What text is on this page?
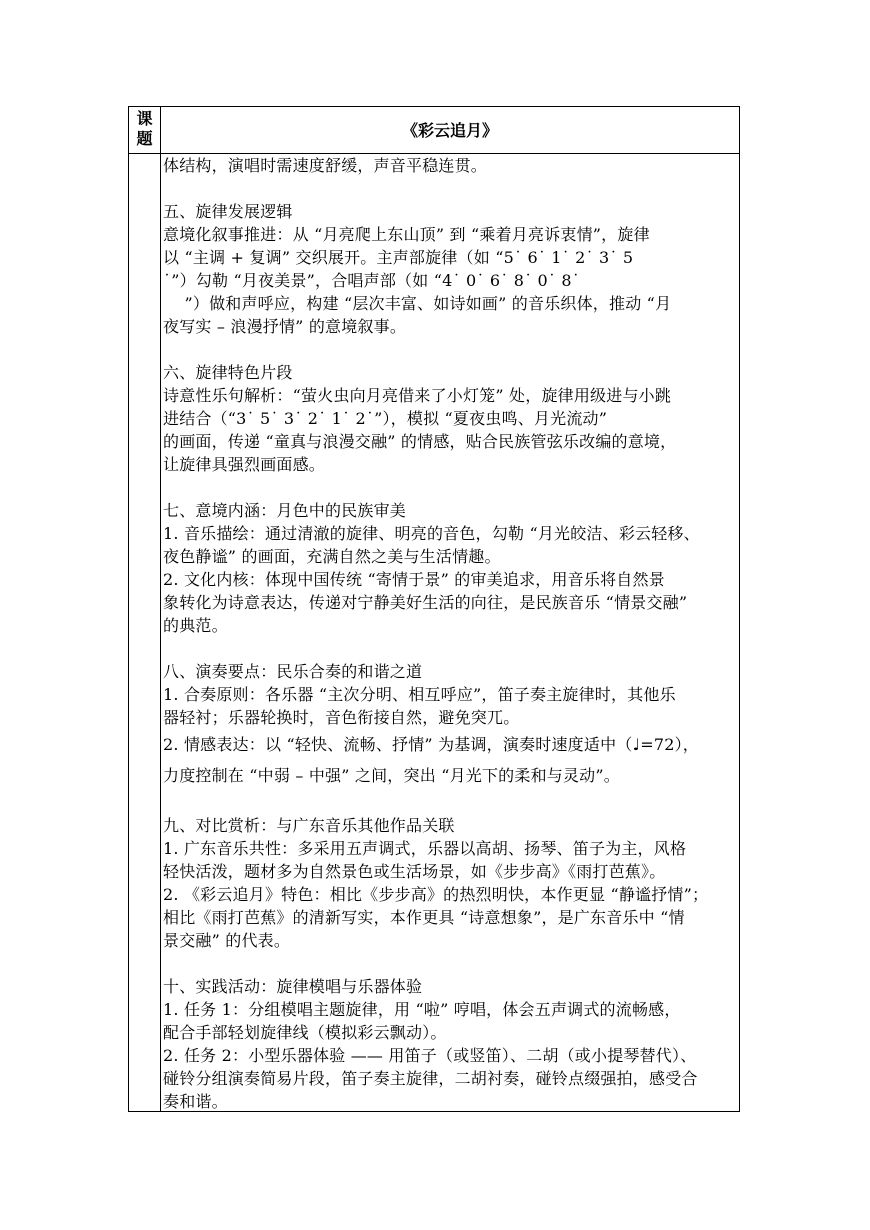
课
题	《彩云追月》
体结构，演唱时需速度舒缓，声音平稳连贯。
五、旋律发展逻辑
意境化叙事推进：从 “月亮爬上东山顶” 到 “乘着月亮诉衷情”，旋律
以 “主调 + 复调” 交织展开。主声部旋律（如 “5˙ 6˙ 1˙ 2˙ 3˙ 5
˙”）勾勒 “月夜美景”，合唱声部（如 “4˙ 0˙ 6˙ 8˙ 0˙ 8˙
　 ”）做和声呼应，构建 “层次丰富、如诗如画” 的音乐织体，推动 “月
夜写实 – 浪漫抒情” 的意境叙事。
六、旋律特色片段
诗意性乐句解析：“萤火虫向月亮借来了小灯笼” 处，旋律用级进与小跳
进结合（“3˙ 5˙ 3˙ 2˙ 1˙ 2˙”），模拟 “夏夜虫鸣、月光流动”
的画面，传递 “童真与浪漫交融” 的情感，贴合民族管弦乐改编的意境，
让旋律具强烈画面感。
七、意境内涵：月色中的民族审美
1. 音乐描绘：通过清澈的旋律、明亮的音色，勾勒 “月光皎洁、彩云轻移、
夜色静谧” 的画面，充满自然之美与生活情趣。
2. 文化内核：体现中国传统 “寄情于景” 的审美追求，用音乐将自然景
象转化为诗意表达，传递对宁静美好生活的向往，是民族音乐 “情景交融”
的典范。
八、演奏要点：民乐合奏的和谐之道
1. 合奏原则：各乐器 “主次分明、相互呼应”，笛子奏主旋律时，其他乐
器轻衬；乐器轮换时，音色衔接自然，避免突兀。
2. 情感表达：以 “轻快、流畅、抒情” 为基调，演奏时速度适中（♩=72），
力度控制在 “中弱 – 中强” 之间，突出 “月光下的柔和与灵动”。
九、对比赏析：与广东音乐其他作品关联
1. 广东音乐共性：多采用五声调式，乐器以高胡、扬琴、笛子为主，风格
轻快活泼，题材多为自然景色或生活场景，如《步步高》《雨打芭蕉》。
2. 《彩云追月》特色：相比《步步高》的热烈明快，本作更显 “静谧抒情”；
相比《雨打芭蕉》的清新写实，本作更具 “诗意想象”，是广东音乐中 “情
景交融” 的代表。
十、实践活动：旋律模唱与乐器体验
1. 任务 1：分组模唱主题旋律，用 “啦” 哼唱，体会五声调式的流畅感，
配合手部轻划旋律线（模拟彩云飘动）。
2. 任务 2：小型乐器体验 —— 用笛子（或竖笛）、二胡（或小提琴替代）、
碰铃分组演奏简易片段，笛子奏主旋律，二胡衬奏，碰铃点缀强拍，感受合
奏和谐。
